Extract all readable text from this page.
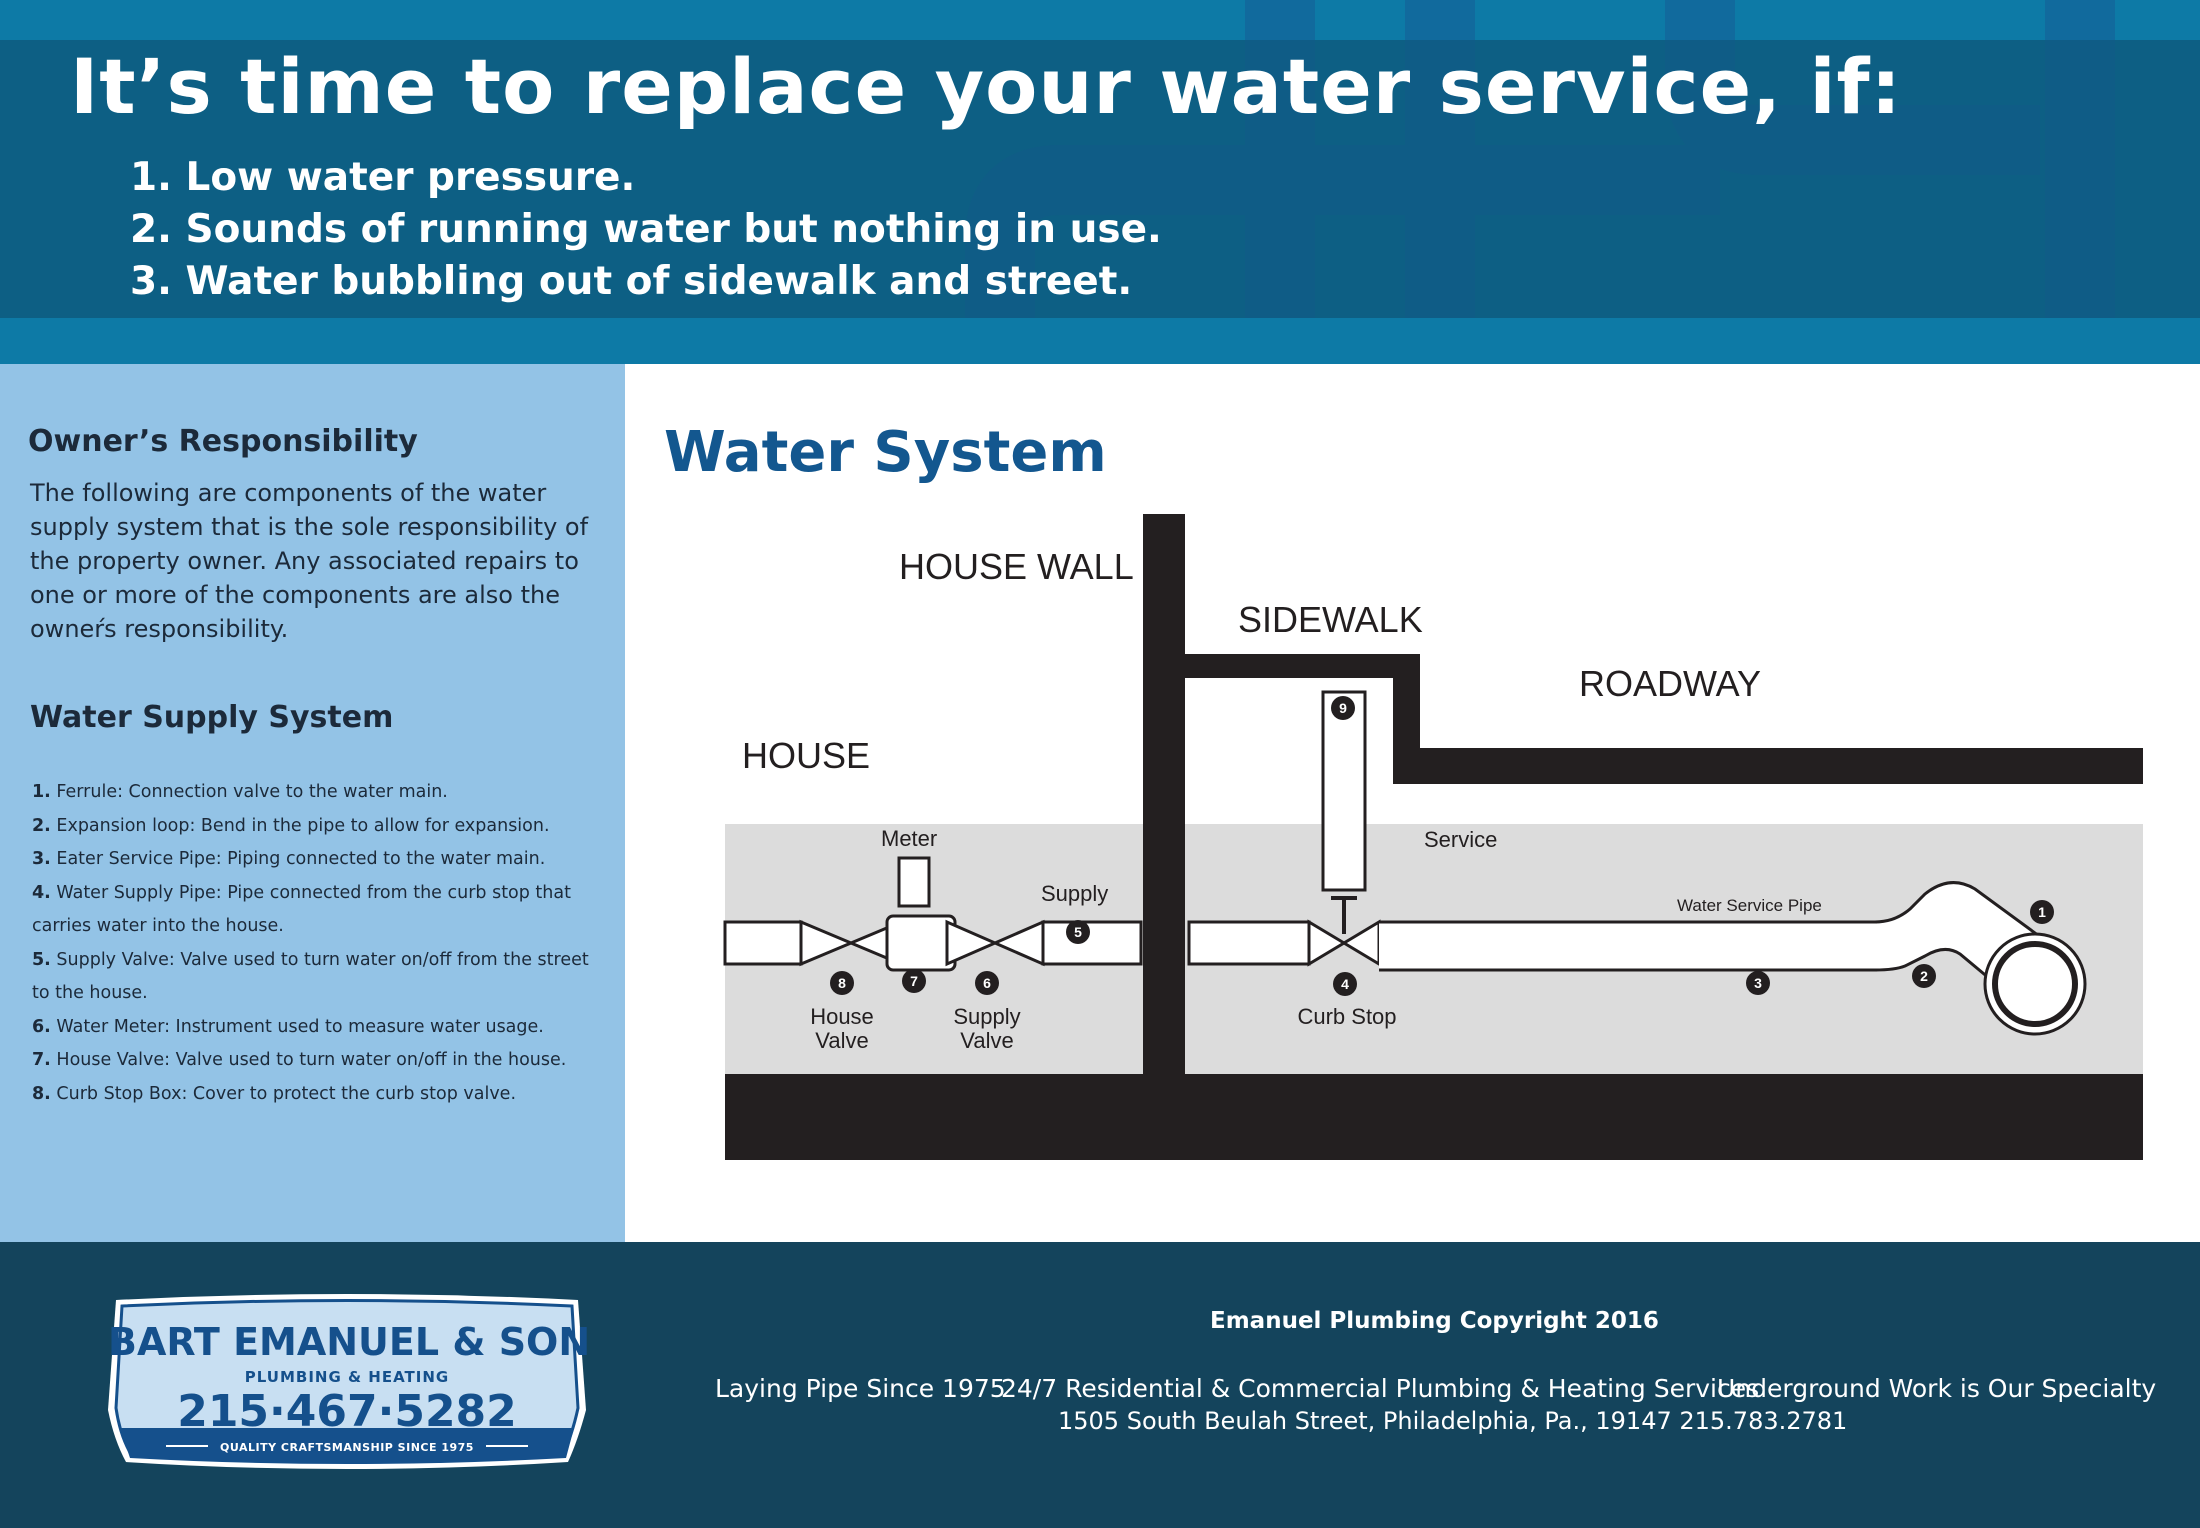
It’s time to replace your water service, if:
1. Low water pressure.
2. Sounds of running water but nothing in use.
3. Water bubbling out of sidewalk and street.
Owner’s Responsibility

The following are components of the water supply system that is the sole responsibility of the property owner. Any associated repairs to one or more of the components are also the owneŕs responsibility.

Water Supply System
1. Ferrule: Connection valve to the water main.
2. Expansion loop: Bend in the pipe to allow for expansion.
3. Eater Service Pipe: Piping connected to the water main.
4. Water Supply Pipe: Pipe connected from the curb stop that carries water into the house.
5. Supply Valve: Valve used to turn water on/off from the street to the house.
6. Water Meter: Instrument used to measure water usage.
7. House Valve: Valve used to turn water on/off in the house.
8. Curb Stop Box: Cover to protect the curb stop valve.
Water System
HOUSE WALL
SIDEWALK
ROADWAY
HOUSE
Meter
Supply
Service
Water Service Pipe
House
Valve
Supply
Valve
Curb Stop
1
2
3
4
5
6
7
8
9
BART EMANUEL & SON
PLUMBING & HEATING
215·467·5282
QUALITY CRAFTSMANSHIP SINCE 1975

Emanuel Plumbing Copyright 2016

Laying Pipe Since 1975
24/7 Residential & Commercial Plumbing & Heating Services
Underground Work is Our Specialty

1505 South Beulah Street, Philadelphia, Pa., 19147 215.783.2781
